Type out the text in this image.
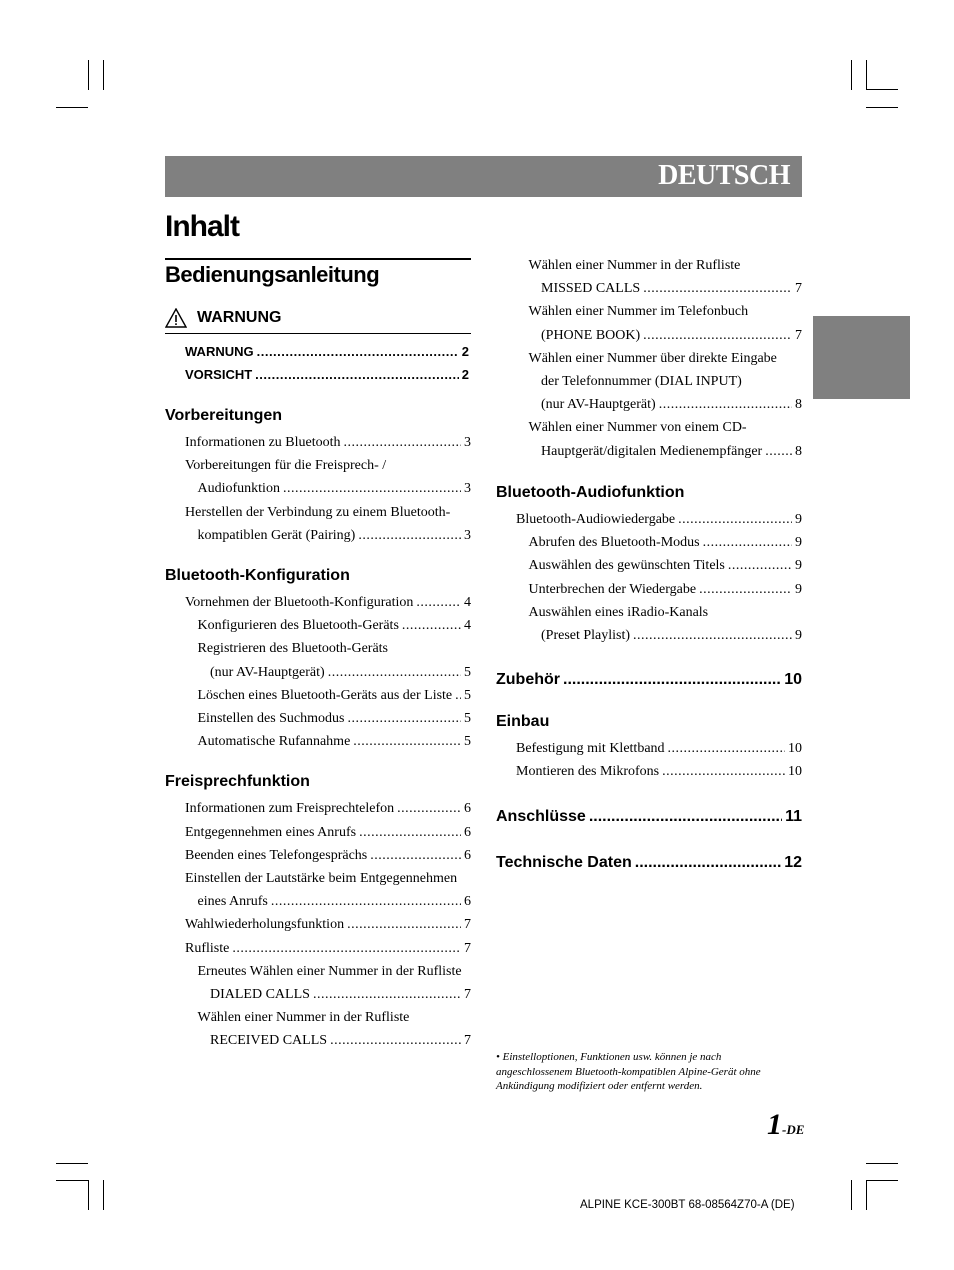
DEUTSCH
Inhalt
Bedienungsanleitung
WARNUNG
WARNUNG .....	2
VORSICHT .....	2
Vorbereitungen
Informationen zu Bluetooth .....	3
Vorbereitungen für die Freisprech- /
Audiofunktion .....	3
Herstellen der Verbindung zu einem Bluetooth-
kompatiblen Gerät (Pairing) .....	3
Bluetooth-Konfiguration
Vornehmen der Bluetooth-Konfiguration .....	4
Konfigurieren des Bluetooth-Geräts .....	4
Registrieren des Bluetooth-Geräts
(nur AV-Hauptgerät) .....	5
Löschen eines Bluetooth-Geräts aus der Liste ..... 5
Einstellen des Suchmodus .....	5
Automatische Rufannahme .....	5
Freisprechfunktion
Informationen zum Freisprechtelefon .....	6
Entgegennehmen eines Anrufs .....	6
Beenden eines Telefongesprächs .....	6
Einstellen der Lautstärke beim Entgegennehmen
eines Anrufs .....	6
Wahlwiederholungsfunktion .....	7
Rufliste .....	7
Erneutes Wählen einer Nummer in der Rufliste
DIALED CALLS .....	7
Wählen einer Nummer in der Rufliste
RECEIVED CALLS .....	7
Wählen einer Nummer in der Rufliste
MISSED CALLS .....	7
Wählen einer Nummer im Telefonbuch
(PHONE BOOK) .....	7
Wählen einer Nummer über direkte Eingabe
der Telefonnummer (DIAL INPUT)
(nur AV-Hauptgerät) .....	8
Wählen einer Nummer von einem CD-
Hauptgerät/digitalen Medienempfänger ..... 8
Bluetooth-Audiofunktion
Bluetooth-Audiowiedergabe .....	9
Abrufen des Bluetooth-Modus .....	9
Auswählen des gewünschten Titels .....	9
Unterbrechen der Wiedergabe .....	9
Auswählen eines iRadio-Kanals
(Preset Playlist) .....	9
Zubehör .....	10
Einbau
Befestigung mit Klettband .....	10
Montieren des Mikrofons .....	10
Anschlüsse .....	11
Technische Daten .....	12
• Einstelloptionen, Funktionen usw. können je nach angeschlossenem Bluetooth-kompatiblen Alpine-Gerät ohne Ankündigung modifiziert oder entfernt werden.
1-DE
ALPINE KCE-300BT 68-08564Z70-A (DE)
